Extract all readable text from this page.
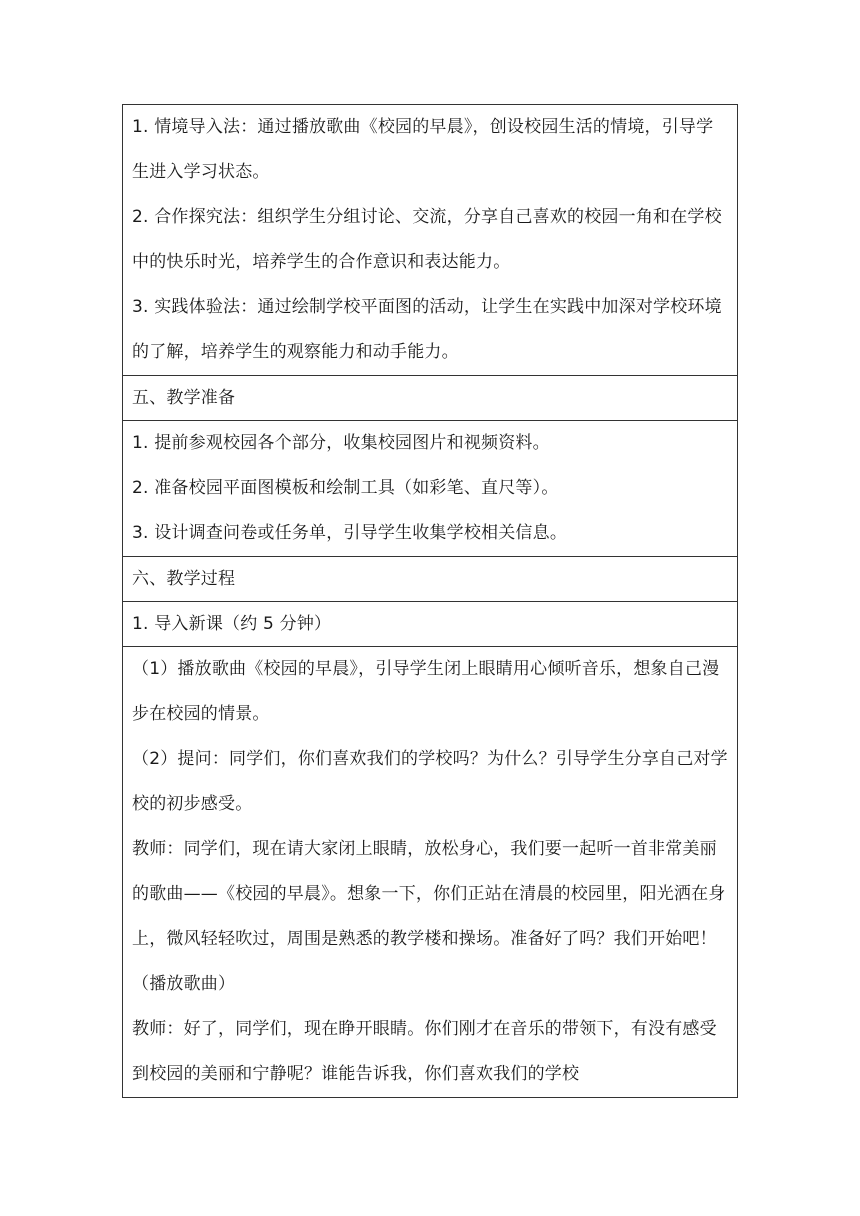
1. 情境导入法：通过播放歌曲《校园的早晨》，创设校园生活的情境，引导学生进入学习状态。

2. 合作探究法：组织学生分组讨论、交流，分享自己喜欢的校园一角和在学校中的快乐时光，培养学生的合作意识和表达能力。

3. 实践体验法：通过绘制学校平面图的活动，让学生在实践中加深对学校环境的了解，培养学生的观察能力和动手能力。

五、教学准备

1. 提前参观校园各个部分，收集校园图片和视频资料。

2. 准备校园平面图模板和绘制工具（如彩笔、直尺等）。

3. 设计调查问卷或任务单，引导学生收集学校相关信息。

六、教学过程

1. 导入新课（约 5 分钟）

（1）播放歌曲《校园的早晨》，引导学生闭上眼睛用心倾听音乐，想象自己漫步在校园的情景。

（2）提问：同学们，你们喜欢我们的学校吗？为什么？引导学生分享自己对学校的初步感受。

教师：同学们，现在请大家闭上眼睛，放松身心，我们要一起听一首非常美丽的歌曲——《校园的早晨》。想象一下，你们正站在清晨的校园里，阳光洒在身上，微风轻轻吹过，周围是熟悉的教学楼和操场。准备好了吗？我们开始吧！（播放歌曲）

教师：好了，同学们，现在睁开眼睛。你们刚才在音乐的带领下，有没有感受到校园的美丽和宁静呢？谁能告诉我，你们喜欢我们的学校
